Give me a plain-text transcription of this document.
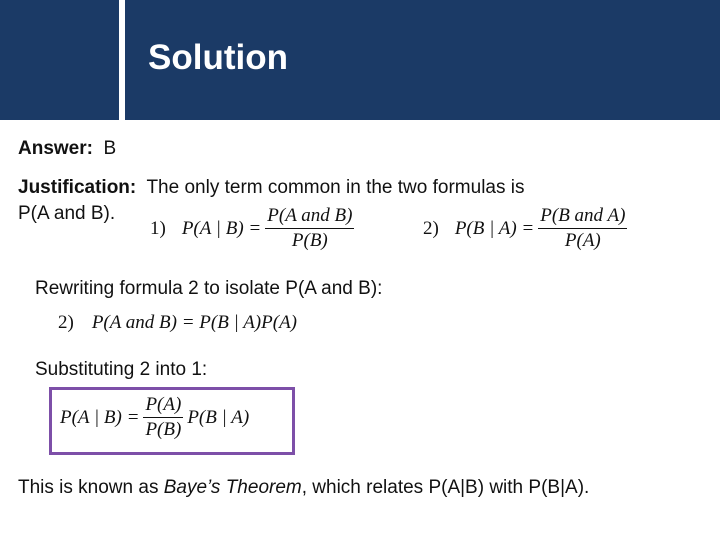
Solution
Answer: B
Justification: The only term common in the two formulas is
P(A and B).
1) P(A | $B) = \frac{\text{P(A and B)}}{P(B)}$	2) P(B | $A) = \frac{\text{P(B and A)}}{P(A)}$
Rewriting formula 2 to isolate P(A and B):
2) P(A and B) = P(B | A)P(A)
Substituting 2 into 1:
P(A | $B) = \frac{P(A)}{P(B)} P(B$ | A)
This is known as Baye’s Theorem, which relates P(A|B) with P(B|A).
